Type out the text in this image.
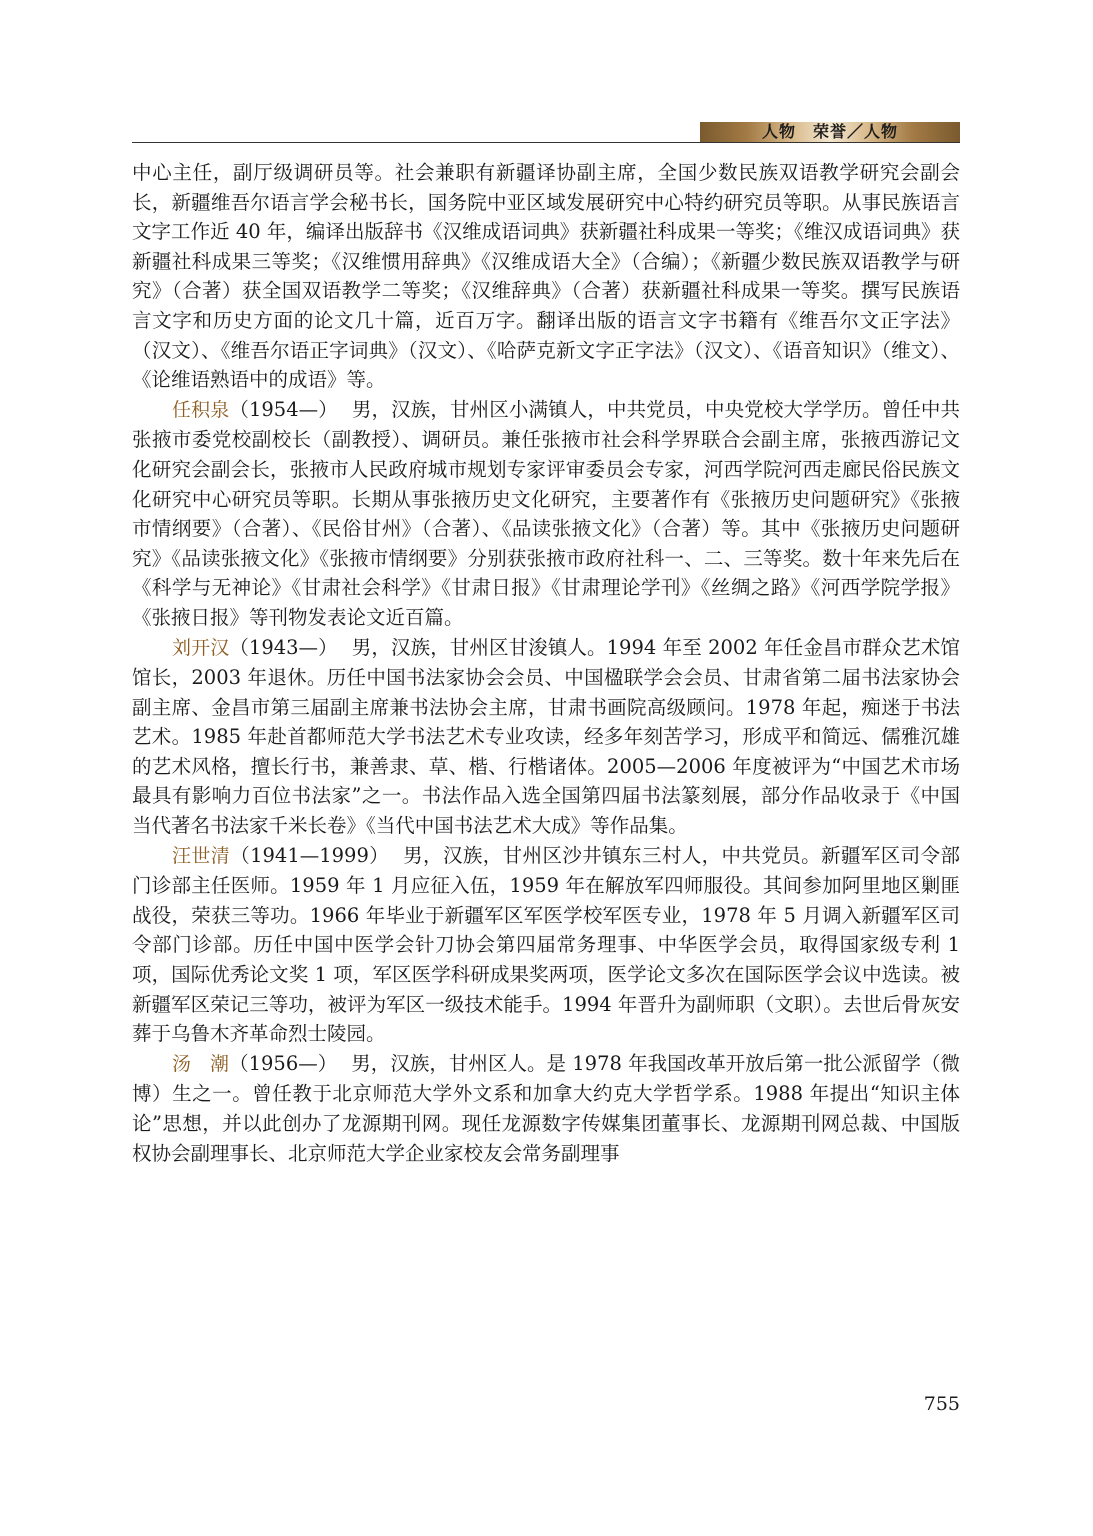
人物　荣誉／人物

中心主任，副厅级调研员等。社会兼职有新疆译协副主席，全国少数民族双语教学研究会副会长，新疆维吾尔语言学会秘书长，国务院中亚区域发展研究中心特约研究员等职。从事民族语言文字工作近 40 年，编译出版辞书《汉维成语词典》获新疆社科成果一等奖；《维汉成语词典》获新疆社科成果三等奖；《汉维惯用辞典》《汉维成语大全》（合编）；《新疆少数民族双语教学与研究》（合著）获全国双语教学二等奖；《汉维辞典》（合著）获新疆社科成果一等奖。撰写民族语言文字和历史方面的论文几十篇，近百万字。翻译出版的语言文字书籍有《维吾尔文正字法》（汉文）、《维吾尔语正字词典》（汉文）、《哈萨克新文字正字法》（汉文）、《语音知识》（维文）、《论维语熟语中的成语》等。

任积泉（1954—） 男，汉族，甘州区小满镇人，中共党员，中央党校大学学历。曾任中共张掖市委党校副校长（副教授）、调研员。兼任张掖市社会科学界联合会副主席，张掖西游记文化研究会副会长，张掖市人民政府城市规划专家评审委员会专家，河西学院河西走廊民俗民族文化研究中心研究员等职。长期从事张掖历史文化研究，主要著作有《张掖历史问题研究》《张掖市情纲要》（合著）、《民俗甘州》（合著）、《品读张掖文化》（合著）等。其中《张掖历史问题研究》《品读张掖文化》《张掖市情纲要》分别获张掖市政府社科一、二、三等奖。数十年来先后在《科学与无神论》《甘肃社会科学》《甘肃日报》《甘肃理论学刊》《丝绸之路》《河西学院学报》《张掖日报》等刊物发表论文近百篇。

刘开汉（1943—） 男，汉族，甘州区甘浚镇人。1994 年至 2002 年任金昌市群众艺术馆馆长，2003 年退休。历任中国书法家协会会员、中国楹联学会会员、甘肃省第二届书法家协会副主席、金昌市第三届副主席兼书法协会主席，甘肃书画院高级顾问。1978 年起，痴迷于书法艺术。1985 年赴首都师范大学书法艺术专业攻读，经多年刻苦学习，形成平和简远、儒雅沉雄的艺术风格，擅长行书，兼善隶、草、楷、行楷诸体。2005—2006 年度被评为“中国艺术市场最具有影响力百位书法家”之一。书法作品入选全国第四届书法篆刻展，部分作品收录于《中国当代著名书法家千米长卷》《当代中国书法艺术大成》等作品集。

汪世清（1941—1999） 男，汉族，甘州区沙井镇东三村人，中共党员。新疆军区司令部门诊部主任医师。1959 年 1 月应征入伍，1959 年在解放军四师服役。其间参加阿里地区剿匪战役，荣获三等功。1966 年毕业于新疆军区军医学校军医专业，1978 年 5 月调入新疆军区司令部门诊部。历任中国中医学会针刀协会第四届常务理事、中华医学会员，取得国家级专利 1 项，国际优秀论文奖 1 项，军区医学科研成果奖两项，医学论文多次在国际医学会议中选读。被新疆军区荣记三等功，被评为军区一级技术能手。1994 年晋升为副师职（文职）。去世后骨灰安葬于乌鲁木齐革命烈士陵园。

汤　潮（1956—） 男，汉族，甘州区人。是 1978 年我国改革开放后第一批公派留学（微博）生之一。曾任教于北京师范大学外文系和加拿大约克大学哲学系。1988 年提出“知识主体论”思想，并以此创办了龙源期刊网。现任龙源数字传媒集团董事长、龙源期刊网总裁、中国版权协会副理事长、北京师范大学企业家校友会常务副理事

755
